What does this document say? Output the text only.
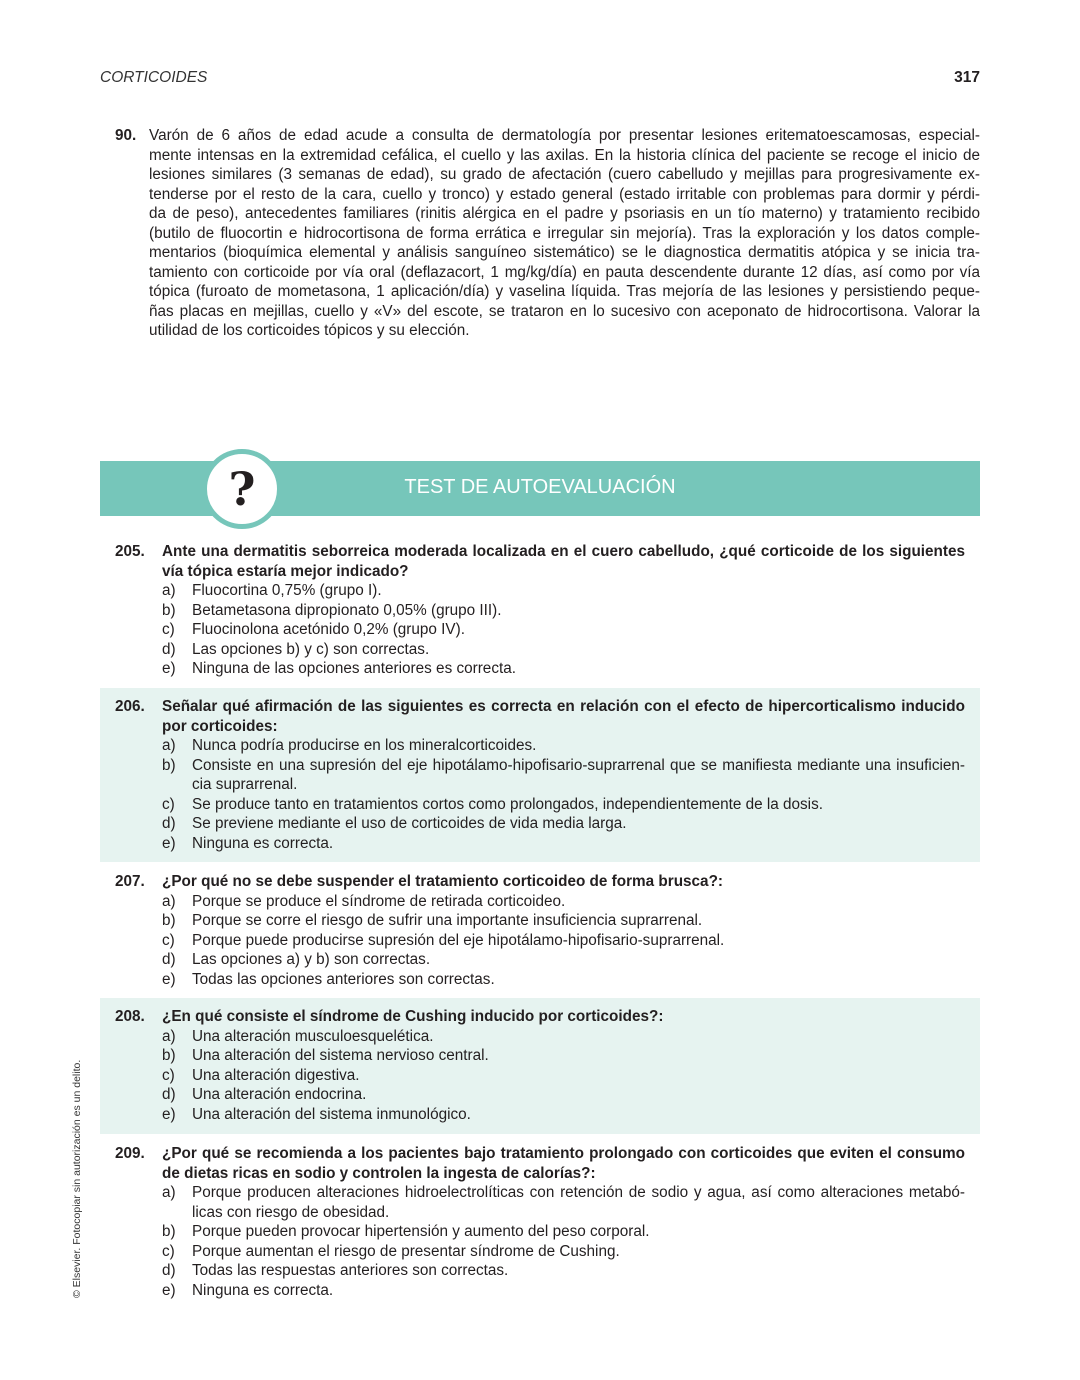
CORTICOIDES	317
90. Varón de 6 años de edad acude a consulta de dermatología por presentar lesiones eritematoescamosas, especial-
mente intensas en la extremidad cefálica, el cuello y las axilas. En la historia clínica del paciente se recoge el inicio de
lesiones similares (3 semanas de edad), su grado de afectación (cuero cabelludo y mejillas para progresivamente ex-
tenderse por el resto de la cara, cuello y tronco) y estado general (estado irritable con problemas para dormir y pérdi-
da de peso), antecedentes familiares (rinitis alérgica en el padre y psoriasis en un tío materno) y tratamiento recibido
(butilo de fluocortin e hidrocortisona de forma errática e irregular sin mejoría). Tras la exploración y los datos comple-
mentarios (bioquímica elemental y análisis sanguíneo sistemático) se le diagnostica dermatitis atópica y se inicia tra-
tamiento con corticoide por vía oral (deflazacort, 1 mg/kg/día) en pauta descendente durante 12 días, así como por vía
tópica (furoato de mometasona, 1 aplicación/día) y vaselina líquida. Tras mejoría de las lesiones y persistiendo peque-
ñas placas en mejillas, cuello y «V» del escote, se trataron en lo sucesivo con aceponato de hidrocortisona. Valorar la
utilidad de los corticoides tópicos y su elección.
TEST DE AUTOEVALUACIÓN
?
205. Ante una dermatitis seborreica moderada localizada en el cuero cabelludo, ¿qué corticoide de los siguientes
vía tópica estaría mejor indicado?
a) Fluocortina 0,75% (grupo I).
b) Betametasona dipropionato 0,05% (grupo III).
c) Fluocinolona acetónido 0,2% (grupo IV).
d) Las opciones b) y c) son correctas.
e) Ninguna de las opciones anteriores es correcta.
206. Señalar qué afirmación de las siguientes es correcta en relación con el efecto de hipercorticalismo inducido
por corticoides:
a) Nunca podría producirse en los mineralcorticoides.
b) Consiste en una supresión del eje hipotálamo-hipofisario-suprarrenal que se manifiesta mediante una insuficien-
cia suprarrenal.
c) Se produce tanto en tratamientos cortos como prolongados, independientemente de la dosis.
d) Se previene mediante el uso de corticoides de vida media larga.
e) Ninguna es correcta.
207. ¿Por qué no se debe suspender el tratamiento corticoideo de forma brusca?:
a) Porque se produce el síndrome de retirada corticoideo.
b) Porque se corre el riesgo de sufrir una importante insuficiencia suprarrenal.
c) Porque puede producirse supresión del eje hipotálamo-hipofisario-suprarrenal.
d) Las opciones a) y b) son correctas.
e) Todas las opciones anteriores son correctas.
208. ¿En qué consiste el síndrome de Cushing inducido por corticoides?:
a) Una alteración musculoesquelética.
b) Una alteración del sistema nervioso central.
c) Una alteración digestiva.
d) Una alteración endocrina.
e) Una alteración del sistema inmunológico.
209. ¿Por qué se recomienda a los pacientes bajo tratamiento prolongado con corticoides que eviten el consumo
de dietas ricas en sodio y controlen la ingesta de calorías?:
a) Porque producen alteraciones hidroelectrolíticas con retención de sodio y agua, así como alteraciones metabó-
licas con riesgo de obesidad.
b) Porque pueden provocar hipertensión y aumento del peso corporal.
c) Porque aumentan el riesgo de presentar síndrome de Cushing.
d) Todas las respuestas anteriores son correctas.
e) Ninguna es correcta.
© Elsevier. Fotocopiar sin autorización es un delito.
